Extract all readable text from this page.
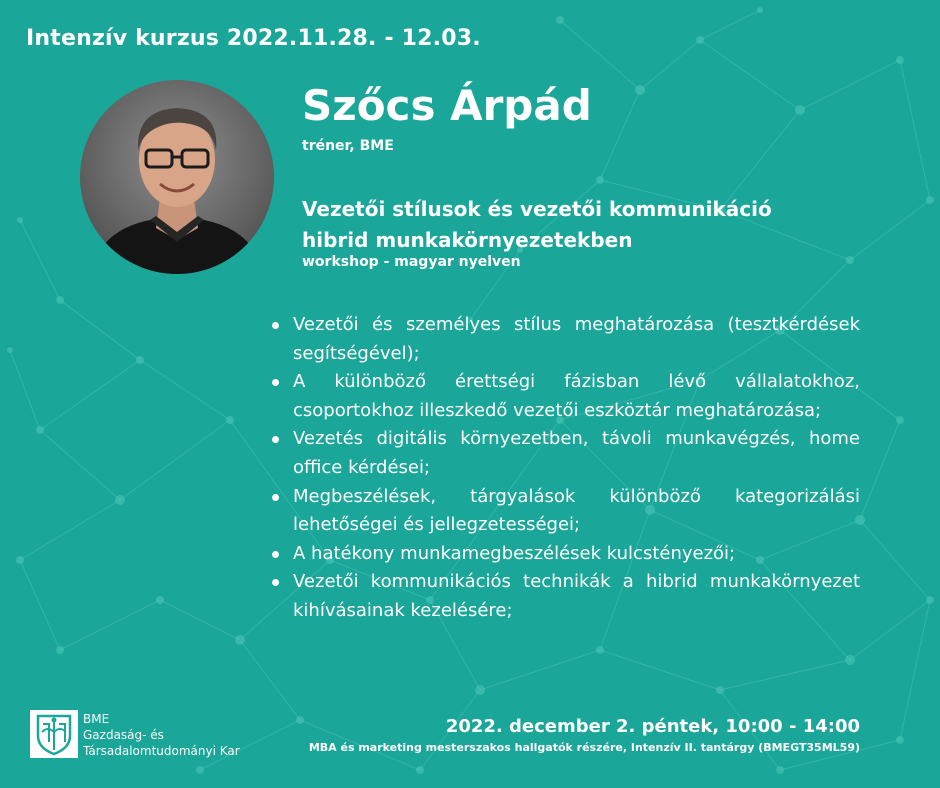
Intenzív kurzus 2022.11.28. - 12.03.
Szőcs Árpád
tréner, BME
Vezetői stílusok és vezetői kommunikáció
hibrid munkakörnyezetekben
workshop - magyar nyelven
Vezetői és személyes stílus meghatározása (tesztkérdések segítségével);
A különböző érettségi fázisban lévő vállalatokhoz, csoportokhoz illeszkedő vezetői eszköztár meghatározása;
Vezetés digitális környezetben, távoli munkavégzés, home office kérdései;
Megbeszélések, tárgyalások különböző kategorizálási lehetőségei és jellegzetességei;
A hatékony munkamegbeszélések kulcstényezői;
Vezetői kommunikációs technikák a hibrid munkakörnyezet kihívásainak kezelésére;
BME
Gazdaság- és
Társadalomtudományi Kar
2022. december 2. péntek, 10:00 - 14:00
MBA és marketing mesterszakos hallgatók részére, Intenzív II. tantárgy (BMEGT35ML59)
